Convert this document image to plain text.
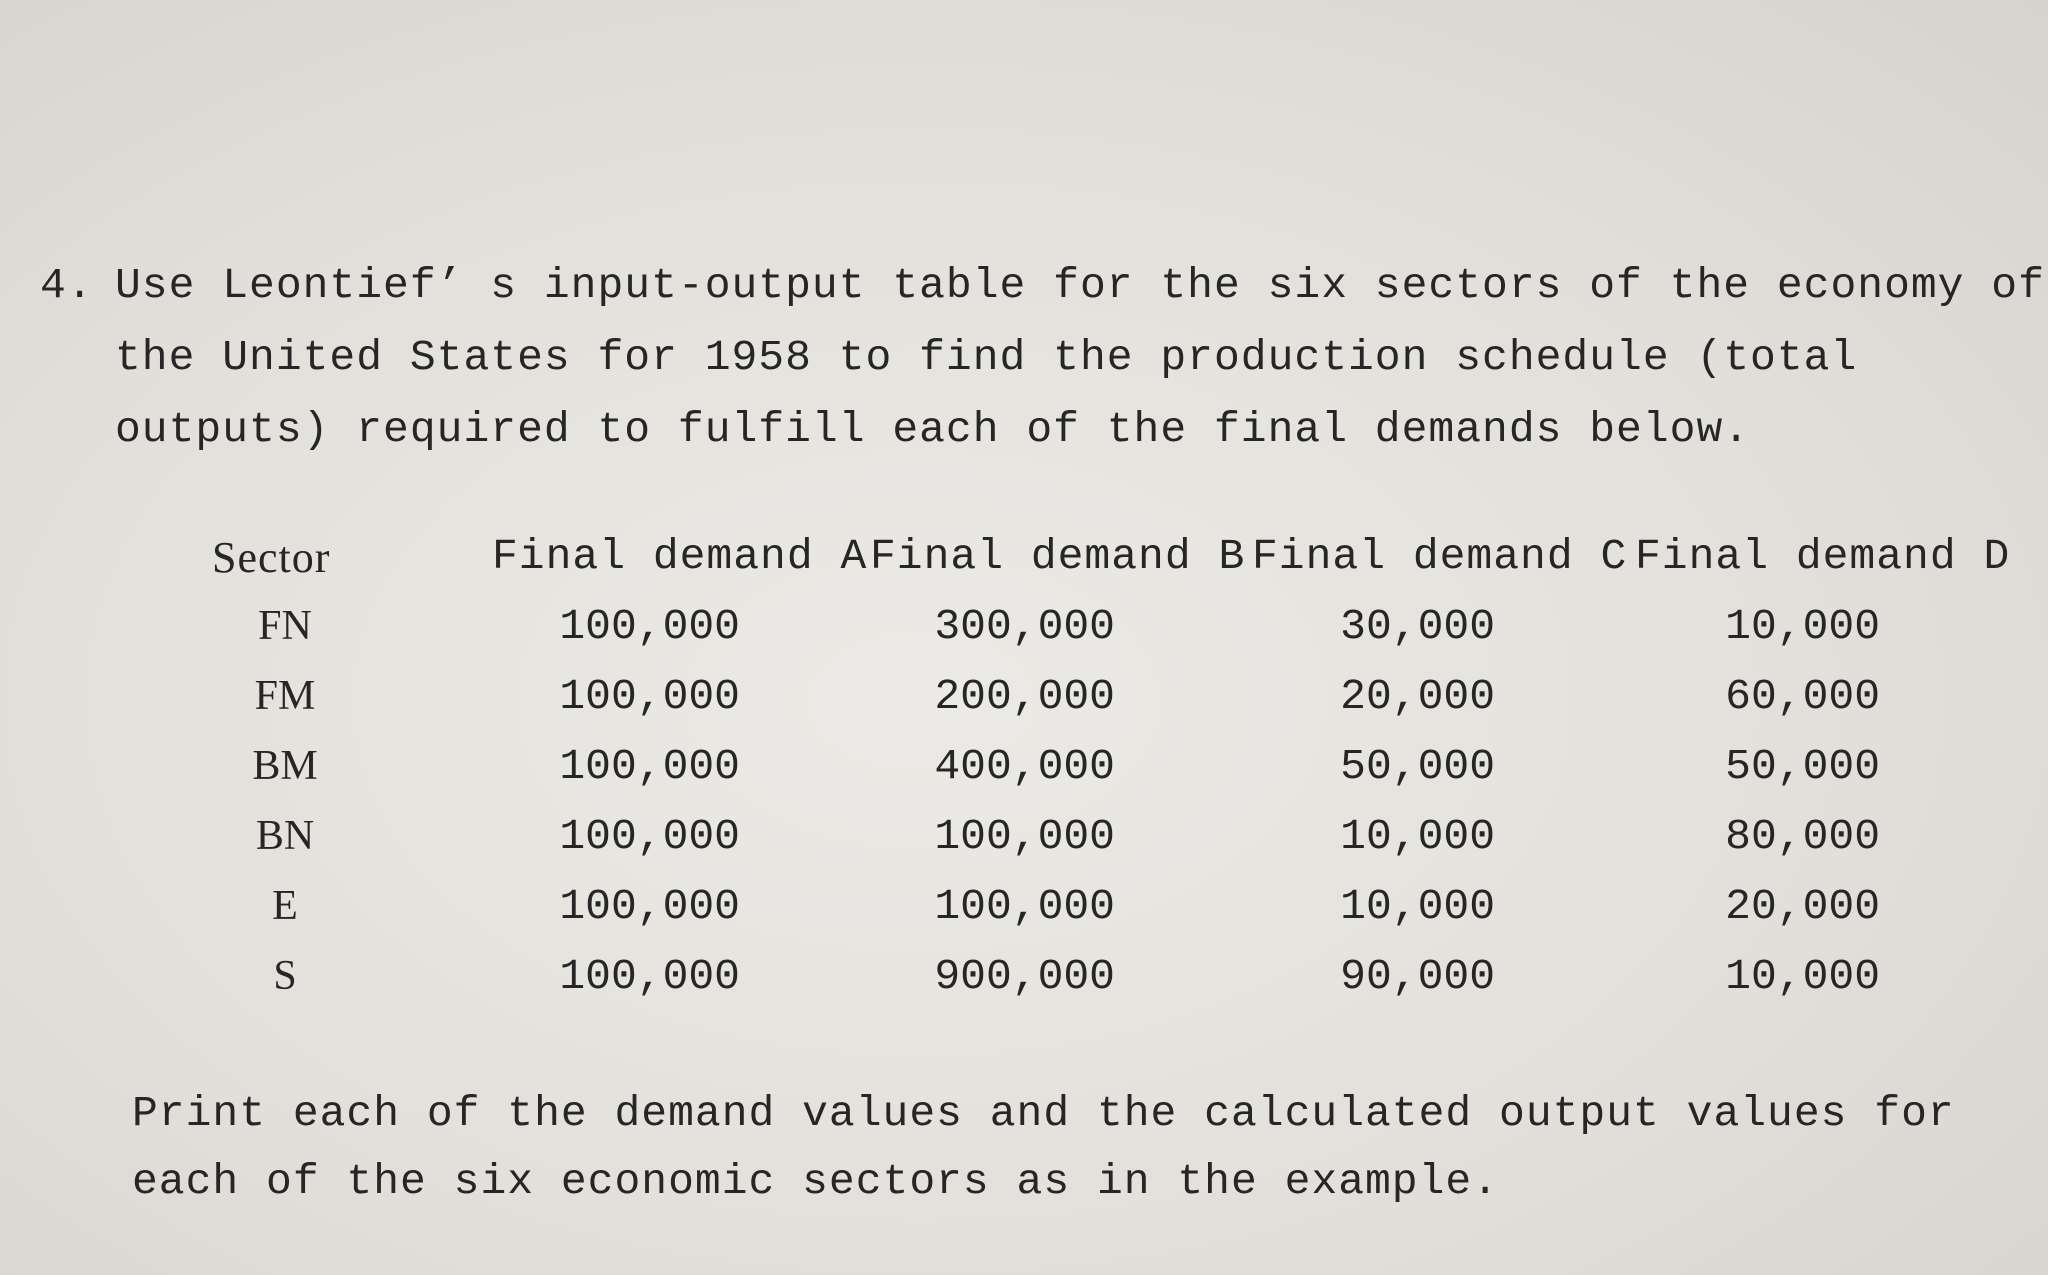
4. Use Leontief’ s input-output table for the six sectors of the economy of
the United States for 1958 to find the production schedule (total
outputs) required to fulfill each of the final demands below.
Sector	Final demand A Final demand B Final demand C Final demand D
FN	100,000	300,000	30,000	10,000
FM	100,000	200,000	20,000	60,000
BM	100,000	400,000	50,000	50,000
BN	100,000	100,000	10,000	80,000
E	100,000	100,000	10,000	20,000
S	100,000	900,000	90,000	10,000
Print each of the demand values and the calculated output values for
each of the six economic sectors as in the example.
